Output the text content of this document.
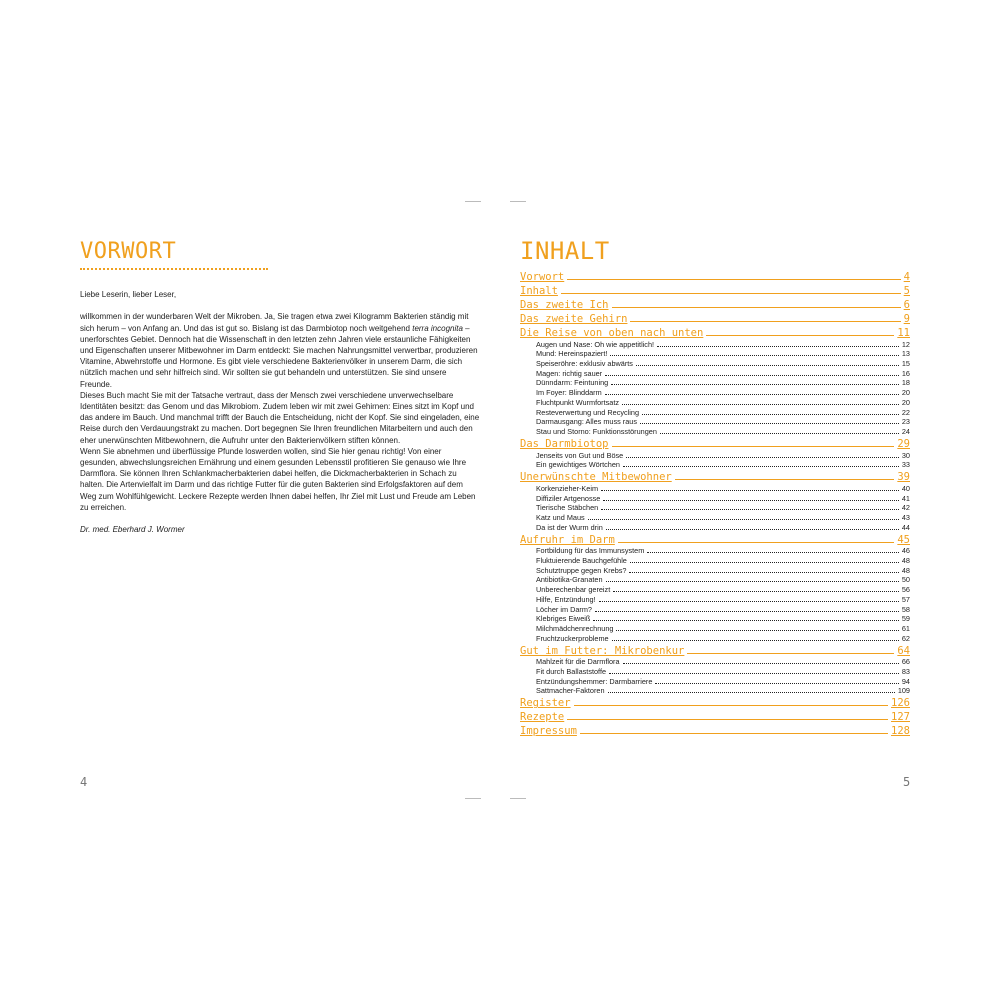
VORWORT

Liebe Leserin, lieber Leser,

willkommen in der wunderbaren Welt der Mikroben. Ja, Sie tragen etwa zwei Kilogramm Bakterien ständig mit sich herum – von Anfang an. Und das ist gut so. Bislang ist das Darmbiotop noch weitgehend terra incognita – unerforschtes Gebiet. Dennoch hat die Wissenschaft in den letzten zehn Jahren viele erstaunliche Fähigkeiten und Eigenschaften unserer Mitbewohner im Darm entdeckt: Sie machen Nahrungsmittel verwertbar, produzieren Vitamine, Abwehrstoffe und Hormone. Es gibt viele verschiedene Bakterienvölker in unserem Darm, die sich nützlich machen und sehr hilfreich sind. Wir sollten sie gut behandeln und unterstützen. Sie sind unsere Freunde.

Dieses Buch macht Sie mit der Tatsache vertraut, dass der Mensch zwei verschiedene unverwechselbare Identitäten besitzt: das Genom und das Mikrobiom. Zudem leben wir mit zwei Gehirnen: Eines sitzt im Kopf und das andere im Bauch. Und manchmal trifft der Bauch die Entscheidung, nicht der Kopf. Sie sind eingeladen, eine Reise durch den Verdauungstrakt zu machen. Dort begegnen Sie Ihren freundlichen Mitarbeitern und auch den eher unerwünschten Mitbewohnern, die Aufruhr unter den Bakterienvölkern stiften können.

Wenn Sie abnehmen und überflüssige Pfunde loswerden wollen, sind Sie hier genau richtig! Von einer gesunden, abwechslungsreichen Ernährung und einem gesunden Lebensstil profitieren Sie genauso wie Ihre Darmflora. Sie können Ihren Schlankmacherbakterien dabei helfen, die Dickmacherbakterien in Schach zu halten. Die Artenvielfalt im Darm und das richtige Futter für die guten Bakterien sind Erfolgsfaktoren auf dem Weg zum Wohlfühlgewicht. Leckere Rezepte werden Ihnen dabei helfen, Ihr Ziel mit Lust und Freude am Leben zu erreichen.

Dr. med. Eberhard J. Wormer

4
INHALT
Vorwort	4
Inhalt	5
Das zweite Ich	6
Das zweite Gehirn	9
Die Reise von oben nach unten	11
Augen und Nase: Oh wie appetitlich!	12
Mund: Hereinspaziert!	13
Speiseröhre: exklusiv abwärts	15
Magen: richtig sauer	16
Dünndarm: Feintuning	18
Im Foyer: Blinddarm	20
Fluchtpunkt Wurmfortsatz	20
Resteverwertung und Recycling	22
Darmausgang: Alles muss raus	23
Stau und Storno: Funktionsstörungen	24
Das Darmbiotop	29
Jenseits von Gut und Böse	30
Ein gewichtiges Wörtchen	33
Unerwünschte Mitbewohner	39
Korkenzieher-Keim	40
Diffiziler Artgenosse	41
Tierische Stäbchen	42
Katz und Maus	43
Da ist der Wurm drin	44
Aufruhr im Darm	45
Fortbildung für das Immunsystem	46
Fluktuierende Bauchgefühle	48
Schutztruppe gegen Krebs?	48
Antibiotika-Granaten	50
Unberechenbar gereizt	56
Hilfe, Entzündung!	57
Löcher im Darm?	58
Klebriges Eiweiß	59
Milchmädchenrechnung	61
Fruchtzuckerprobleme	62
Gut im Futter: Mikrobenkur	64
Mahlzeit für die Darmflora	66
Fit durch Ballaststoffe	83
Entzündungshemmer: Darmbarriere	94
Sattmacher-Faktoren	109
Register	126
Rezepte	127
Impressum	128
5
